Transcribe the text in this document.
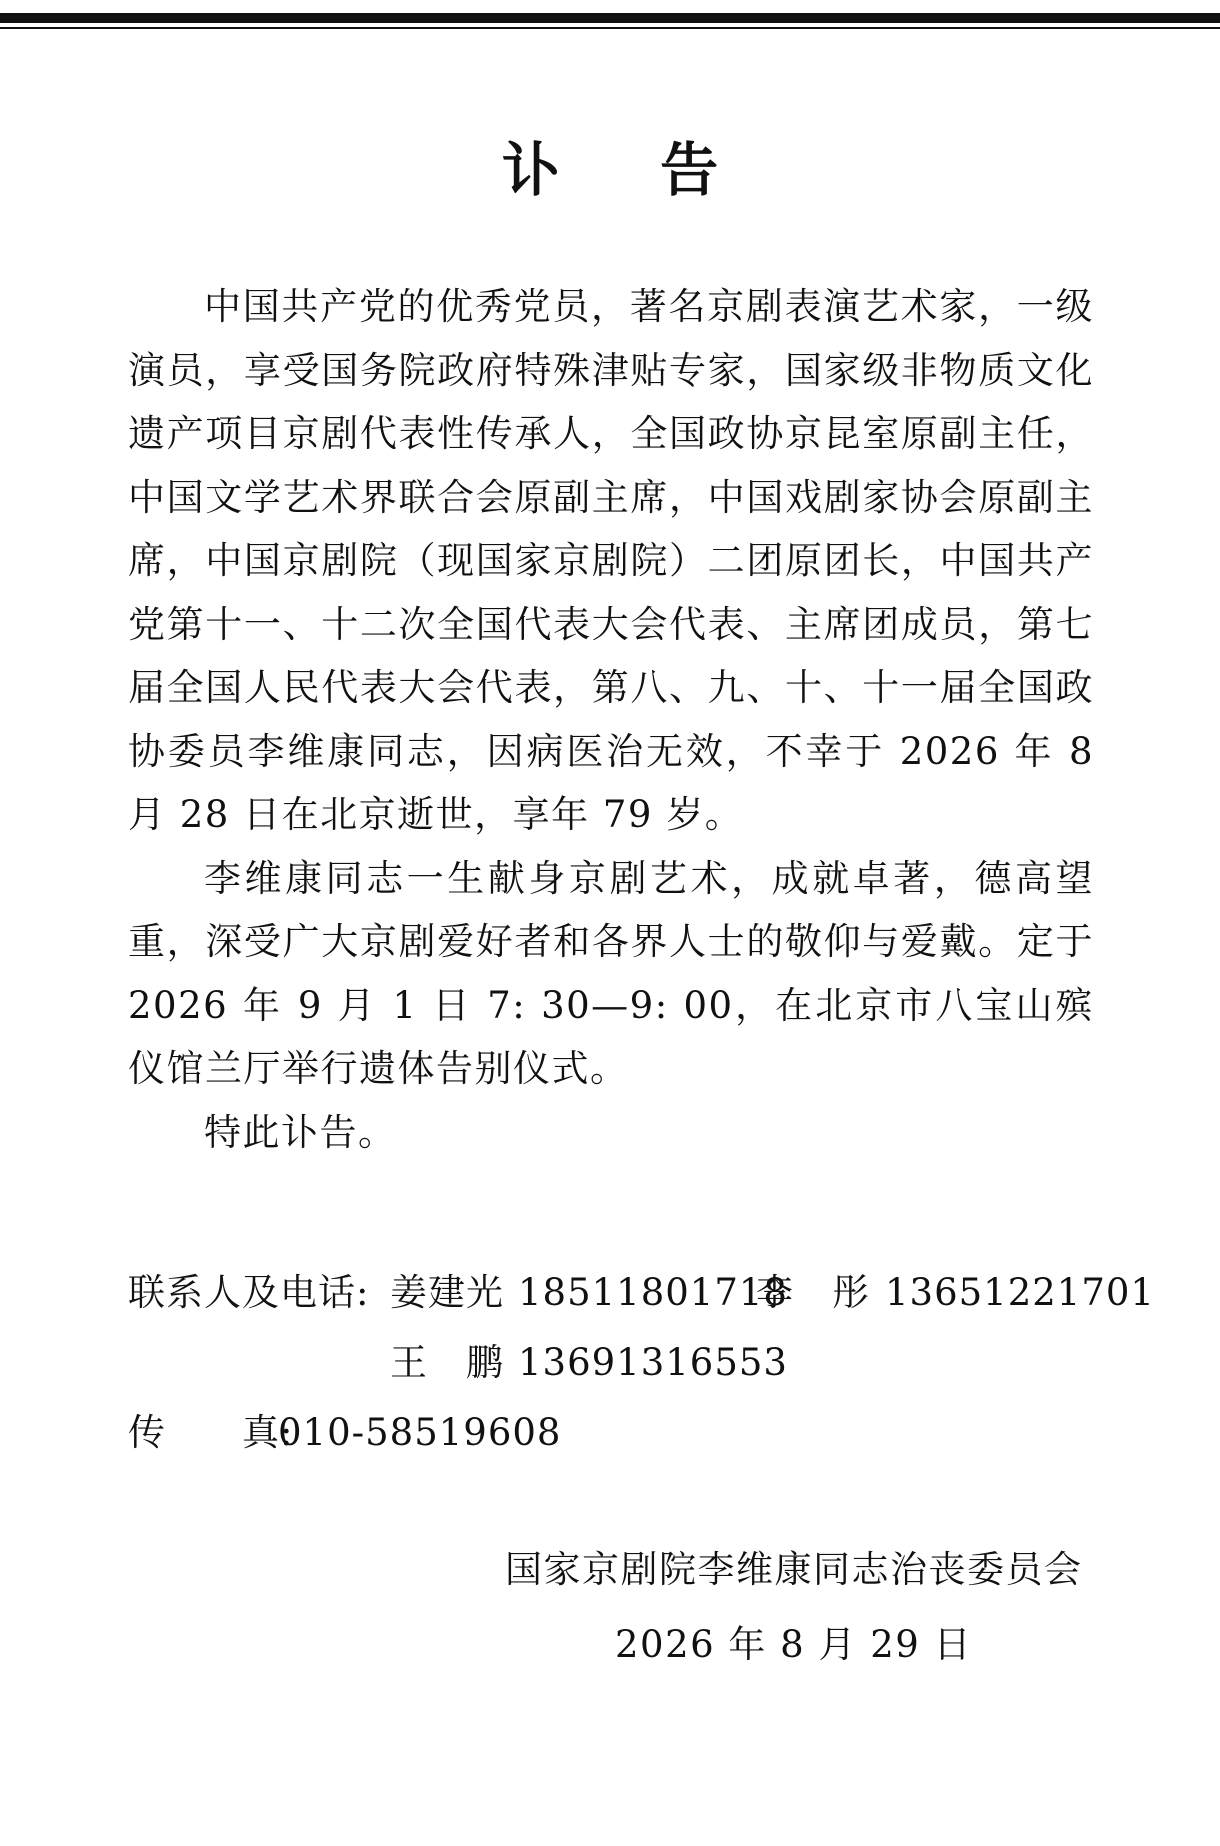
讣 告

中国共产党的优秀党员，著名京剧表演艺术家，一级演员，享受国务院政府特殊津贴专家，国家级非物质文化遗产项目京剧代表性传承人，全国政协京昆室原副主任，中国文学艺术界联合会原副主席，中国戏剧家协会原副主席，中国京剧院（现国家京剧院）二团原团长，中国共产党第十一、十二次全国代表大会代表、主席团成员，第七届全国人民代表大会代表，第八、九、十、十一届全国政协委员李维康同志，因病医治无效，不幸于 2026 年 8 月 28 日在北京逝世，享年 79 岁。

李维康同志一生献身京剧艺术，成就卓著，德高望重，深受广大京剧爱好者和各界人士的敬仰与爱戴。定于 2026 年 9 月 1 日 7: 30—9: 00，在北京市八宝山殡仪馆兰厅举行遗体告别仪式。

特此讣告。

联系人及电话: 姜建光 18511801718
李　彤 13651221701
王　鹏 13691316553
传　　真:
010-58519608
国家京剧院李维康同志治丧委员会
2026 年 8 月 29 日
